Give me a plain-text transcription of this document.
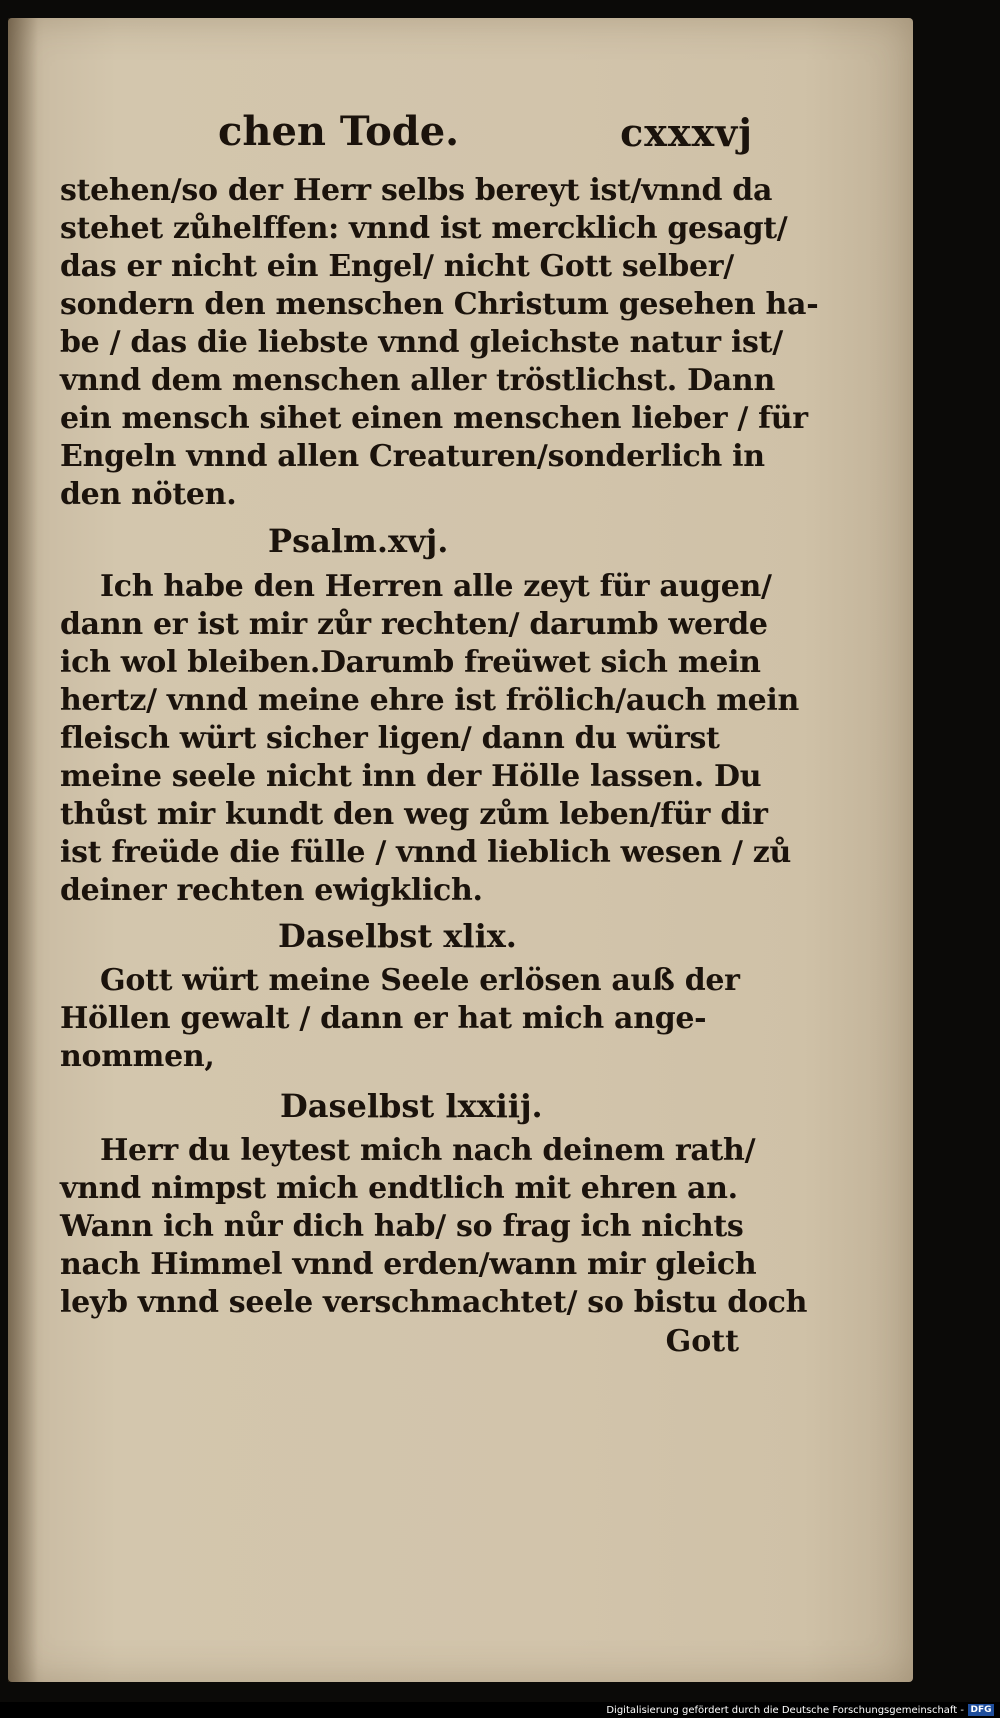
chen Tode.	cxxxvj
stehen/so der Herr selbs bereyt ist/vnnd da
stehet zůhelffen: vnnd ist mercklich gesagt/
das er nicht ein Engel/ nicht Gott selber/
sondern den menschen Christum gesehen ha-
be / das die liebste vnnd gleichste natur ist/
vnnd dem menschen aller tröstlichst. Dann
ein mensch sihet einen menschen lieber / für
Engeln vnnd allen Creaturen/sonderlich in
den nöten.
Psalm.xvj.
Ich habe den Herren alle zeyt für augen/
dann er ist mir zůr rechten/ darumb werde
ich wol bleiben.Darumb freüwet sich mein
hertz/ vnnd meine ehre ist frölich/auch mein
fleisch würt sicher ligen/ dann du würst
meine seele nicht inn der Hölle lassen. Du
thůst mir kundt den weg zům leben/für dir
ist freüde die fülle / vnnd lieblich wesen / zů
deiner rechten ewigklich.
Daselbst xlix.
Gott würt meine Seele erlösen auß der
Höllen gewalt / dann er hat mich ange-
nommen,
Daselbst lxxiij.
Herr du leytest mich nach deinem rath/
vnnd nimpst mich endtlich mit ehren an.
Wann ich nůr dich hab/ so frag ich nichts
nach Himmel vnnd erden/wann mir gleich
leyb vnnd seele verschmachtet/ so bistu doch
Gott
Digitalisierung gefördert durch die Deutsche Forschungsgemeinschaft - DFG
